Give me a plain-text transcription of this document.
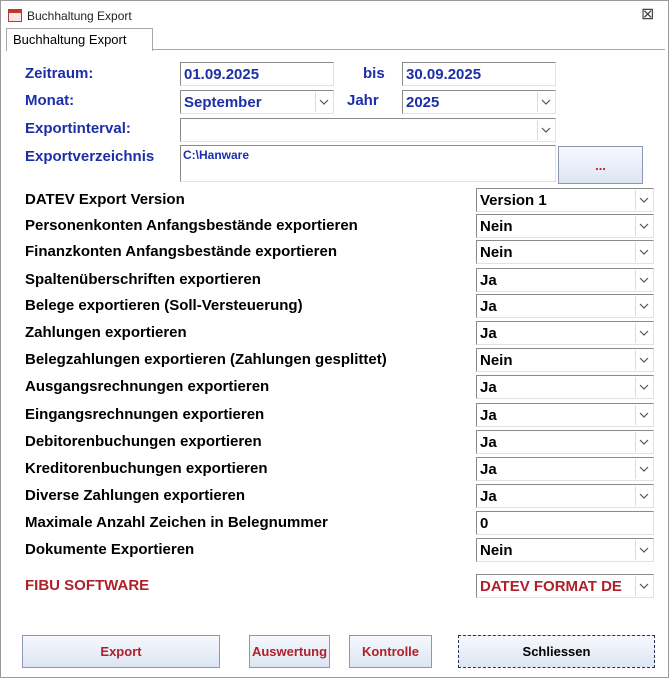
Buchhaltung Export	⊠
Buchhaltung Export
Zeitraum:	01.09.2025	bis 30.09.2025
Monat:	September	Jahr 2025
Exportinterval:
Exportverzeichnis C:\Hanware
...
DATEV Export Version	Version 1
Personenkonten Anfangsbestände exportieren	Nein
Finanzkonten Anfangsbestände exportieren	Nein
Spaltenüberschriften exportieren	Ja
Belege exportieren (Soll-Versteuerung)	Ja
Zahlungen exportieren	Ja
Belegzahlungen exportieren (Zahlungen gesplittet)	Nein
Ausgangsrechnungen exportieren	Ja
Eingangsrechnungen exportieren	Ja
Debitorenbuchungen exportieren	Ja
Kreditorenbuchungen exportieren	Ja
Diverse Zahlungen exportieren	Ja
Maximale Anzahl Zeichen in Belegnummer	0
Dokumente Exportieren	Nein
FIBU SOFTWARE	DATEV FORMAT DE
Export	Auswertung	Kontrolle	Schliessen
